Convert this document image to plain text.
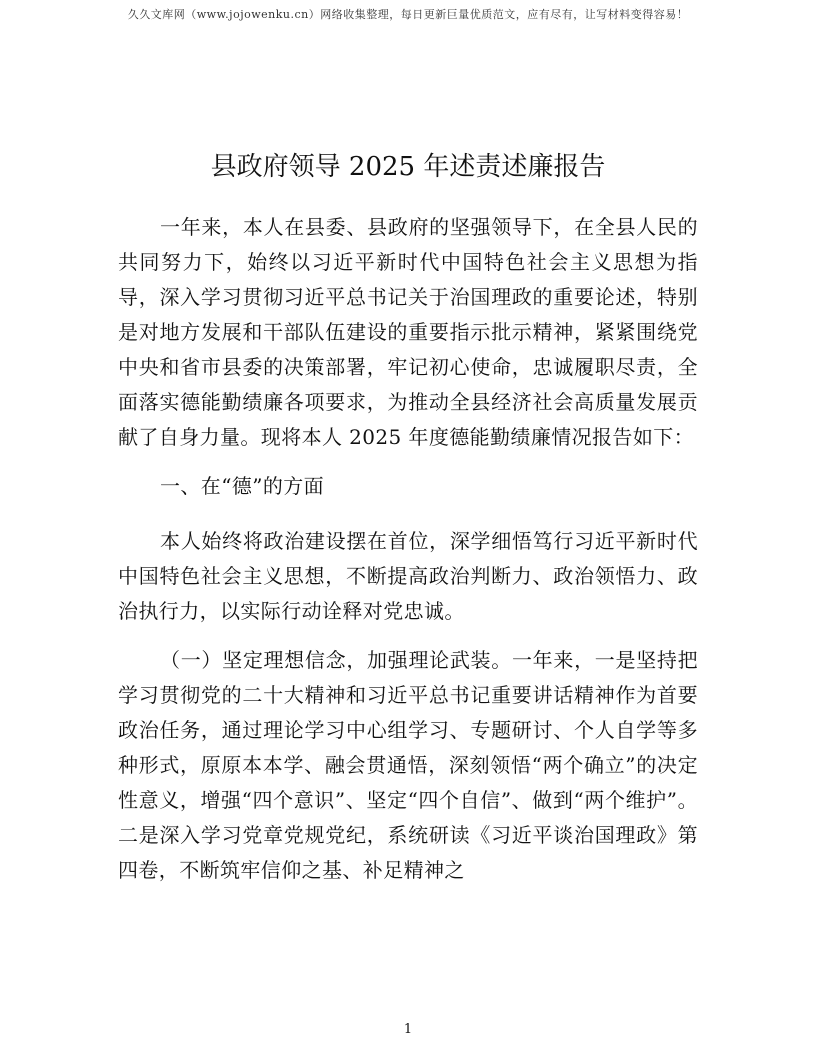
久久文库网（www.jojowenku.cn）网络收集整理，每日更新巨量优质范文，应有尽有，让写材料变得容易！
县政府领导 2025 年述责述廉报告

一年来，本人在县委、县政府的坚强领导下，在全县人民的共同努力下，始终以习近平新时代中国特色社会主义思想为指导，深入学习贯彻习近平总书记关于治国理政的重要论述，特别是对地方发展和干部队伍建设的重要指示批示精神，紧紧围绕党中央和省市县委的决策部署，牢记初心使命，忠诚履职尽责，全面落实德能勤绩廉各项要求，为推动全县经济社会高质量发展贡献了自身力量。现将本人 2025 年度德能勤绩廉情况报告如下：

一、在“德”的方面

本人始终将政治建设摆在首位，深学细悟笃行习近平新时代中国特色社会主义思想，不断提高政治判断力、政治领悟力、政治执行力，以实际行动诠释对党忠诚。

（一）坚定理想信念，加强理论武装。一年来，一是坚持把学习贯彻党的二十大精神和习近平总书记重要讲话精神作为首要政治任务，通过理论学习中心组学习、专题研讨、个人自学等多种形式，原原本本学、融会贯通悟，深刻领悟“两个确立”的决定性意义，增强“四个意识”、坚定“四个自信”、做到“两个维护”。二是深入学习党章党规党纪，系统研读《习近平谈治国理政》第四卷，不断筑牢信仰之基、补足精神之

1
